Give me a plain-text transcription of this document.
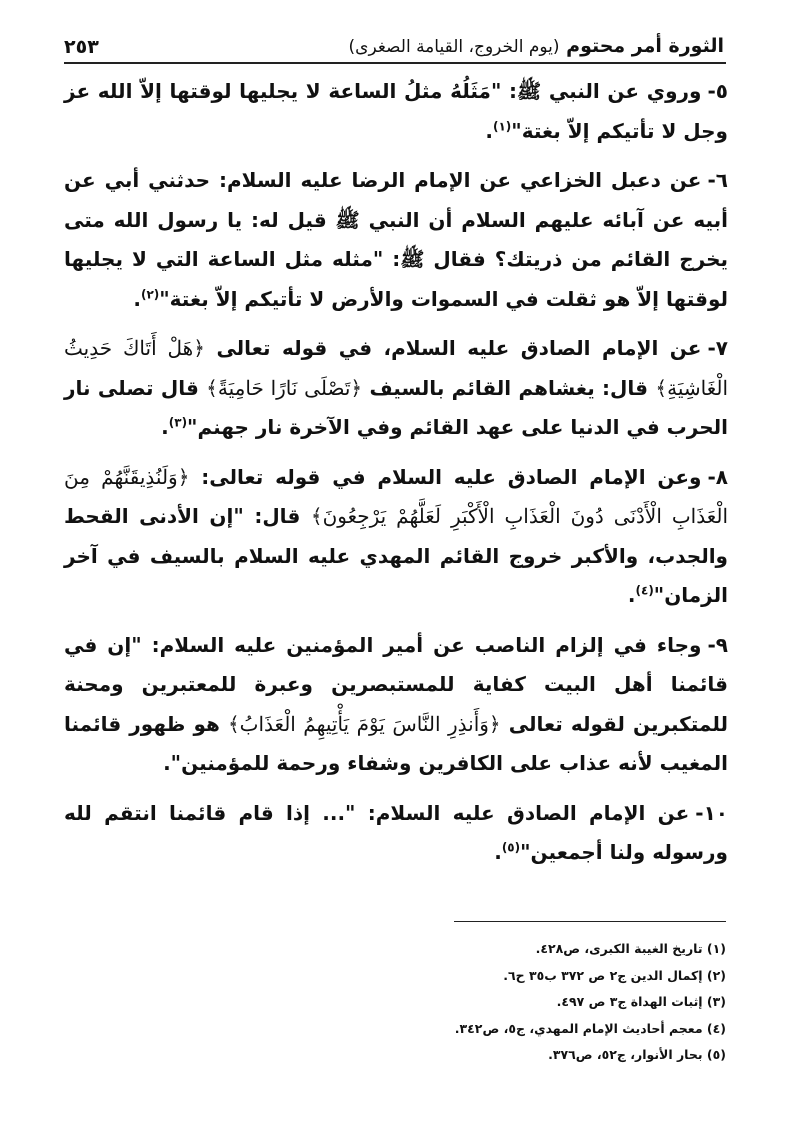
الثورة أمر محتوم (يوم الخروج، القيامة الصغرى)
٢٥٣

٥-وروي عن النبي ﷺ: "مَثَلُهُ مثلُ الساعة لا يجليها لوقتها إلاّ الله عز وجل لا تأتيكم إلاّ بغتة"$^{(١)}$.

٦-عن دعبل الخزاعي عن الإمام الرضا عليه السلام: حدثني أبي عن أبيه عن آبائه عليهم السلام أن النبي ﷺ قيل له: يا رسول الله متى يخرج القائم من ذريتك؟ فقال ﷺ: "مثله مثل الساعة التي لا يجليها لوقتها إلاّ هو ثقلت في السموات والأرض لا تأتيكم إلاّ بغتة"$^{(٢)}$.

٧-عن الإمام الصادق عليه السلام، في قوله تعالى ﴿هَلْ أَتَاكَ حَدِيثُ الْغَاشِيَةِ﴾ قال: يغشاهم القائم بالسيف ﴿تَصْلَى نَارًا حَامِيَةً﴾ قال تصلى نار الحرب في الدنيا على عهد القائم وفي الآخرة نار جهنم"$^{(٣)}$.

٨-وعن الإمام الصادق عليه السلام في قوله تعالى: ﴿وَلَنُذِيقَنَّهُمْ مِنَ الْعَذَابِ الْأَدْنَى دُونَ الْعَذَابِ الْأَكْبَرِ لَعَلَّهُمْ يَرْجِعُونَ﴾ قال: "إن الأدنى القحط والجدب، والأكبر خروج القائم المهدي عليه السلام بالسيف في آخر الزمان"$^{(٤)}$.

٩-وجاء في إلزام الناصب عن أمير المؤمنين عليه السلام: "إن في قائمنا أهل البيت كفاية للمستبصرين وعبرة للمعتبرين ومحنة للمتكبرين لقوله تعالى ﴿وَأَنذِرِ النَّاسَ يَوْمَ يَأْتِيهِمُ الْعَذَابُ﴾ هو ظهور قائمنا المغيب لأنه عذاب على الكافرين وشفاء ورحمة للمؤمنين".

١٠-عن الإمام الصادق عليه السلام: "... إذا قام قائمنا انتقم لله ورسوله ولنا أجمعين"$^{(٥)}$.

(١) تاريخ الغيبة الكبرى، ص٤٢٨.
(٢) إكمال الدين ج٢ ص ٣٧٢ ب٣٥ ح٦.
(٣) إثبات الهداة ج٣ ص ٤٩٧.
(٤) معجم أحاديث الإمام المهدي، ج٥، ص٣٤٢.
(٥) بحار الأنوار، ج٥٢، ص٣٧٦.
